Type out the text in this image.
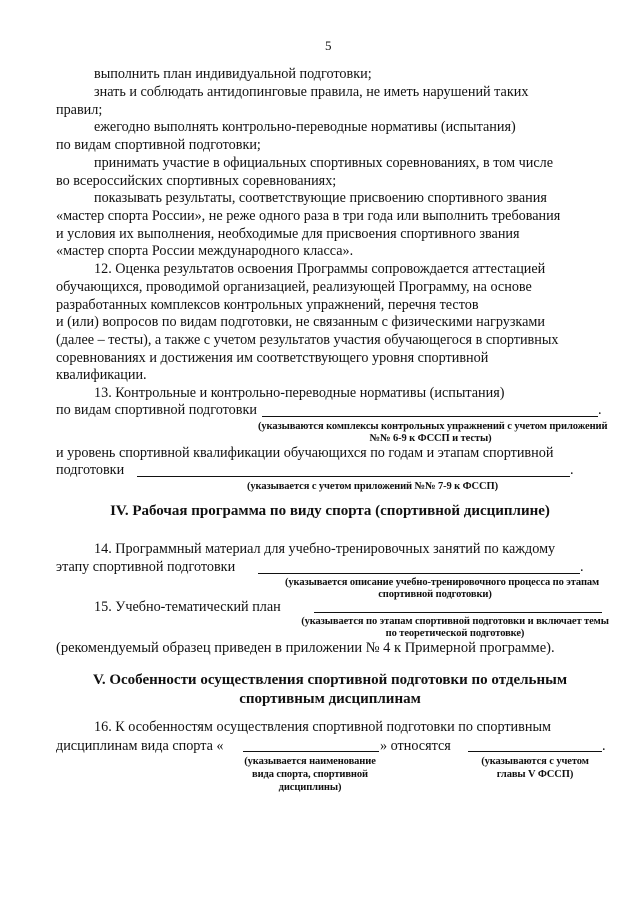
5
выполнить план индивидуальной подготовки;
знать и соблюдать антидопинговые правила, не иметь нарушений таких
правил;
ежегодно выполнять контрольно-переводные нормативы (испытания)
по видам спортивной подготовки;
принимать участие в официальных спортивных соревнованиях, в том числе
во всероссийских спортивных соревнованиях;
показывать результаты, соответствующие присвоению спортивного звания
«мастер спорта России», не реже одного раза в три года или выполнить требования
и условия их выполнения, необходимые для присвоения спортивного звания
«мастер спорта России международного класса».
12. Оценка результатов освоения Программы сопровождается аттестацией
обучающихся, проводимой организацией, реализующей Программу, на основе
разработанных комплексов контрольных упражнений, перечня тестов
и (или) вопросов по видам подготовки, не связанным с физическими нагрузками
(далее – тесты), а также с учетом результатов участия обучающегося в спортивных
соревнованиях и достижения им соответствующего уровня спортивной
квалификации.
13. Контрольные и контрольно-переводные нормативы (испытания)
по видам спортивной подготовки	.
(указываются комплексы контрольных упражнений с учетом приложений
№№ 6-9 к ФССП и тесты)
и уровень спортивной квалификации обучающихся по годам и этапам спортивной
подготовки	.
(указывается с учетом приложений №№ 7-9 к ФССП)
IV. Рабочая программа по виду спорта (спортивной дисциплине)
14. Программный материал для учебно-тренировочных занятий по каждому
этапу спортивной подготовки	.
(указывается описание учебно-тренировочного процесса по этапам
спортивной подготовки)
15. Учебно-тематический план
(указывается по этапам спортивной подготовки и включает темы
по теоретической подготовке)
(рекомендуемый образец приведен в приложении № 4 к Примерной программе).
V. Особенности осуществления спортивной подготовки по отдельным
спортивным дисциплинам
16. К особенностям осуществления спортивной подготовки по спортивным
дисциплинам вида спорта «	» относятся	.
(указывается наименование
вида спорта, спортивной
дисциплины)
(указываются с учетом
главы V ФССП)
